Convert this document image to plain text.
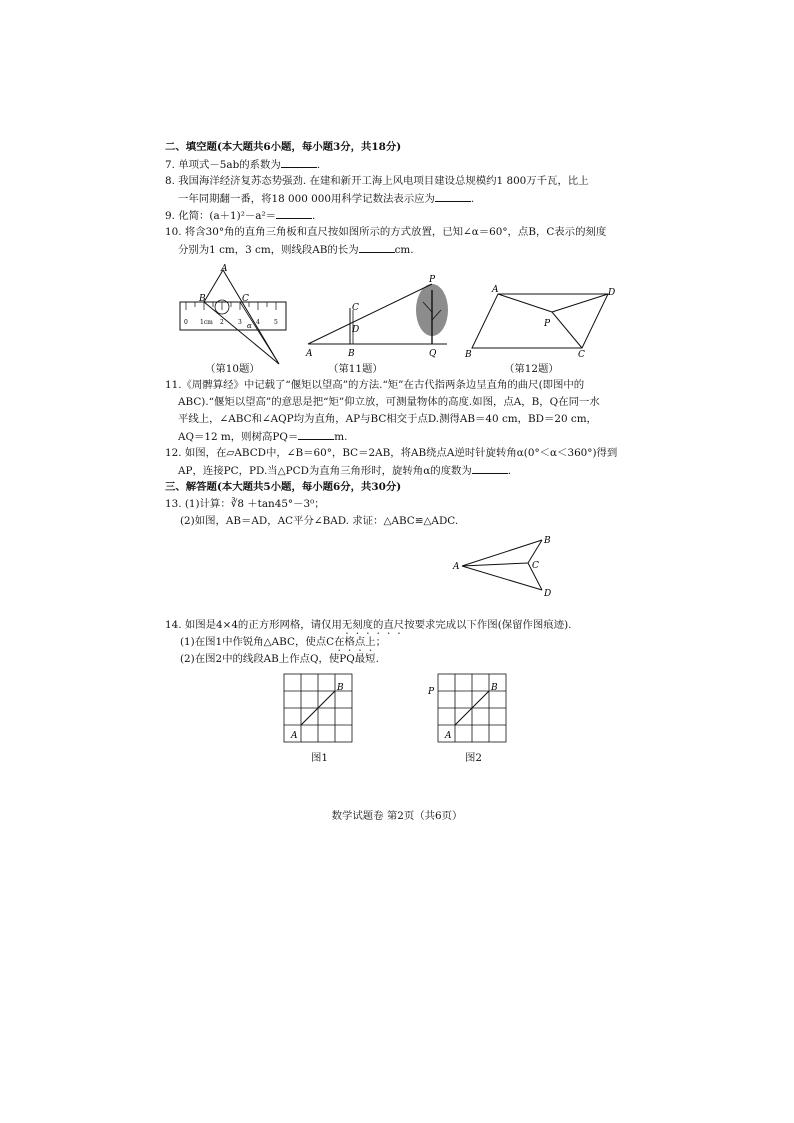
二、填空题(本大题共6小题，每小题3分，共18分)
7. 单项式－5ab的系数为	.
8. 我国海洋经济复苏态势强劲. 在建和新开工海上风电项目建设总规模约1 800万千瓦，比上
一年同期翻一番，将18 000 000用科学记数法表示应为	.
9. 化简：(a＋1)²－a²＝	.
10. 将含30°角的直角三角板和直尺按如图所示的方式放置，已知∠α＝60°，点B，C表示的刻度
分别为1 cm，3 cm，则线段AB的长为	cm.
A
B	C
α
0 1cm 2 3 4 5
（第10题）
P
C
D
A	B	Q
（第11题）
A	D
P
B	C
（第12题）
11.《周髀算经》中记载了“偃矩以望高”的方法.“矩”在古代指两条边呈直角的曲尺(即图中的
ABC).“偃矩以望高”的意思是把“矩”仰立放，可测量物体的高度.如图，点A，B，Q在同一水
平线上，∠ABC和∠AQP均为直角，AP与BC相交于点D.测得AB＝40 cm，BD＝20 cm，
AQ＝12 m，则树高PQ＝	m.
12. 如图，在▱ABCD中，∠B＝60°，BC＝2AB，将AB绕点A逆时针旋转角α(0°＜α＜360°)得到
AP，连接PC，PD.当△PCD为直角三角形时，旋转角α的度数为	.
三、解答题(本大题共5小题，每小题6分，共30分)
13. (1)计算：∛8 ＋tan45°－3⁰；
(2)如图，AB＝AD，AC平分∠BAD. 求证：△ABC≌△ADC.
A
B
C
D
14. 如图是4×4的正方形网格，请仅用无刻度的直尺按要求完成以下作图(保留作图痕迹).
(1)在图1中作锐角△ABC，使点C在格点上；
(2)在图2中的线段AB上作点Q，使PQ最短.
A
B
图1
A
B
P
图2
数学试题卷 第2页（共6页）
